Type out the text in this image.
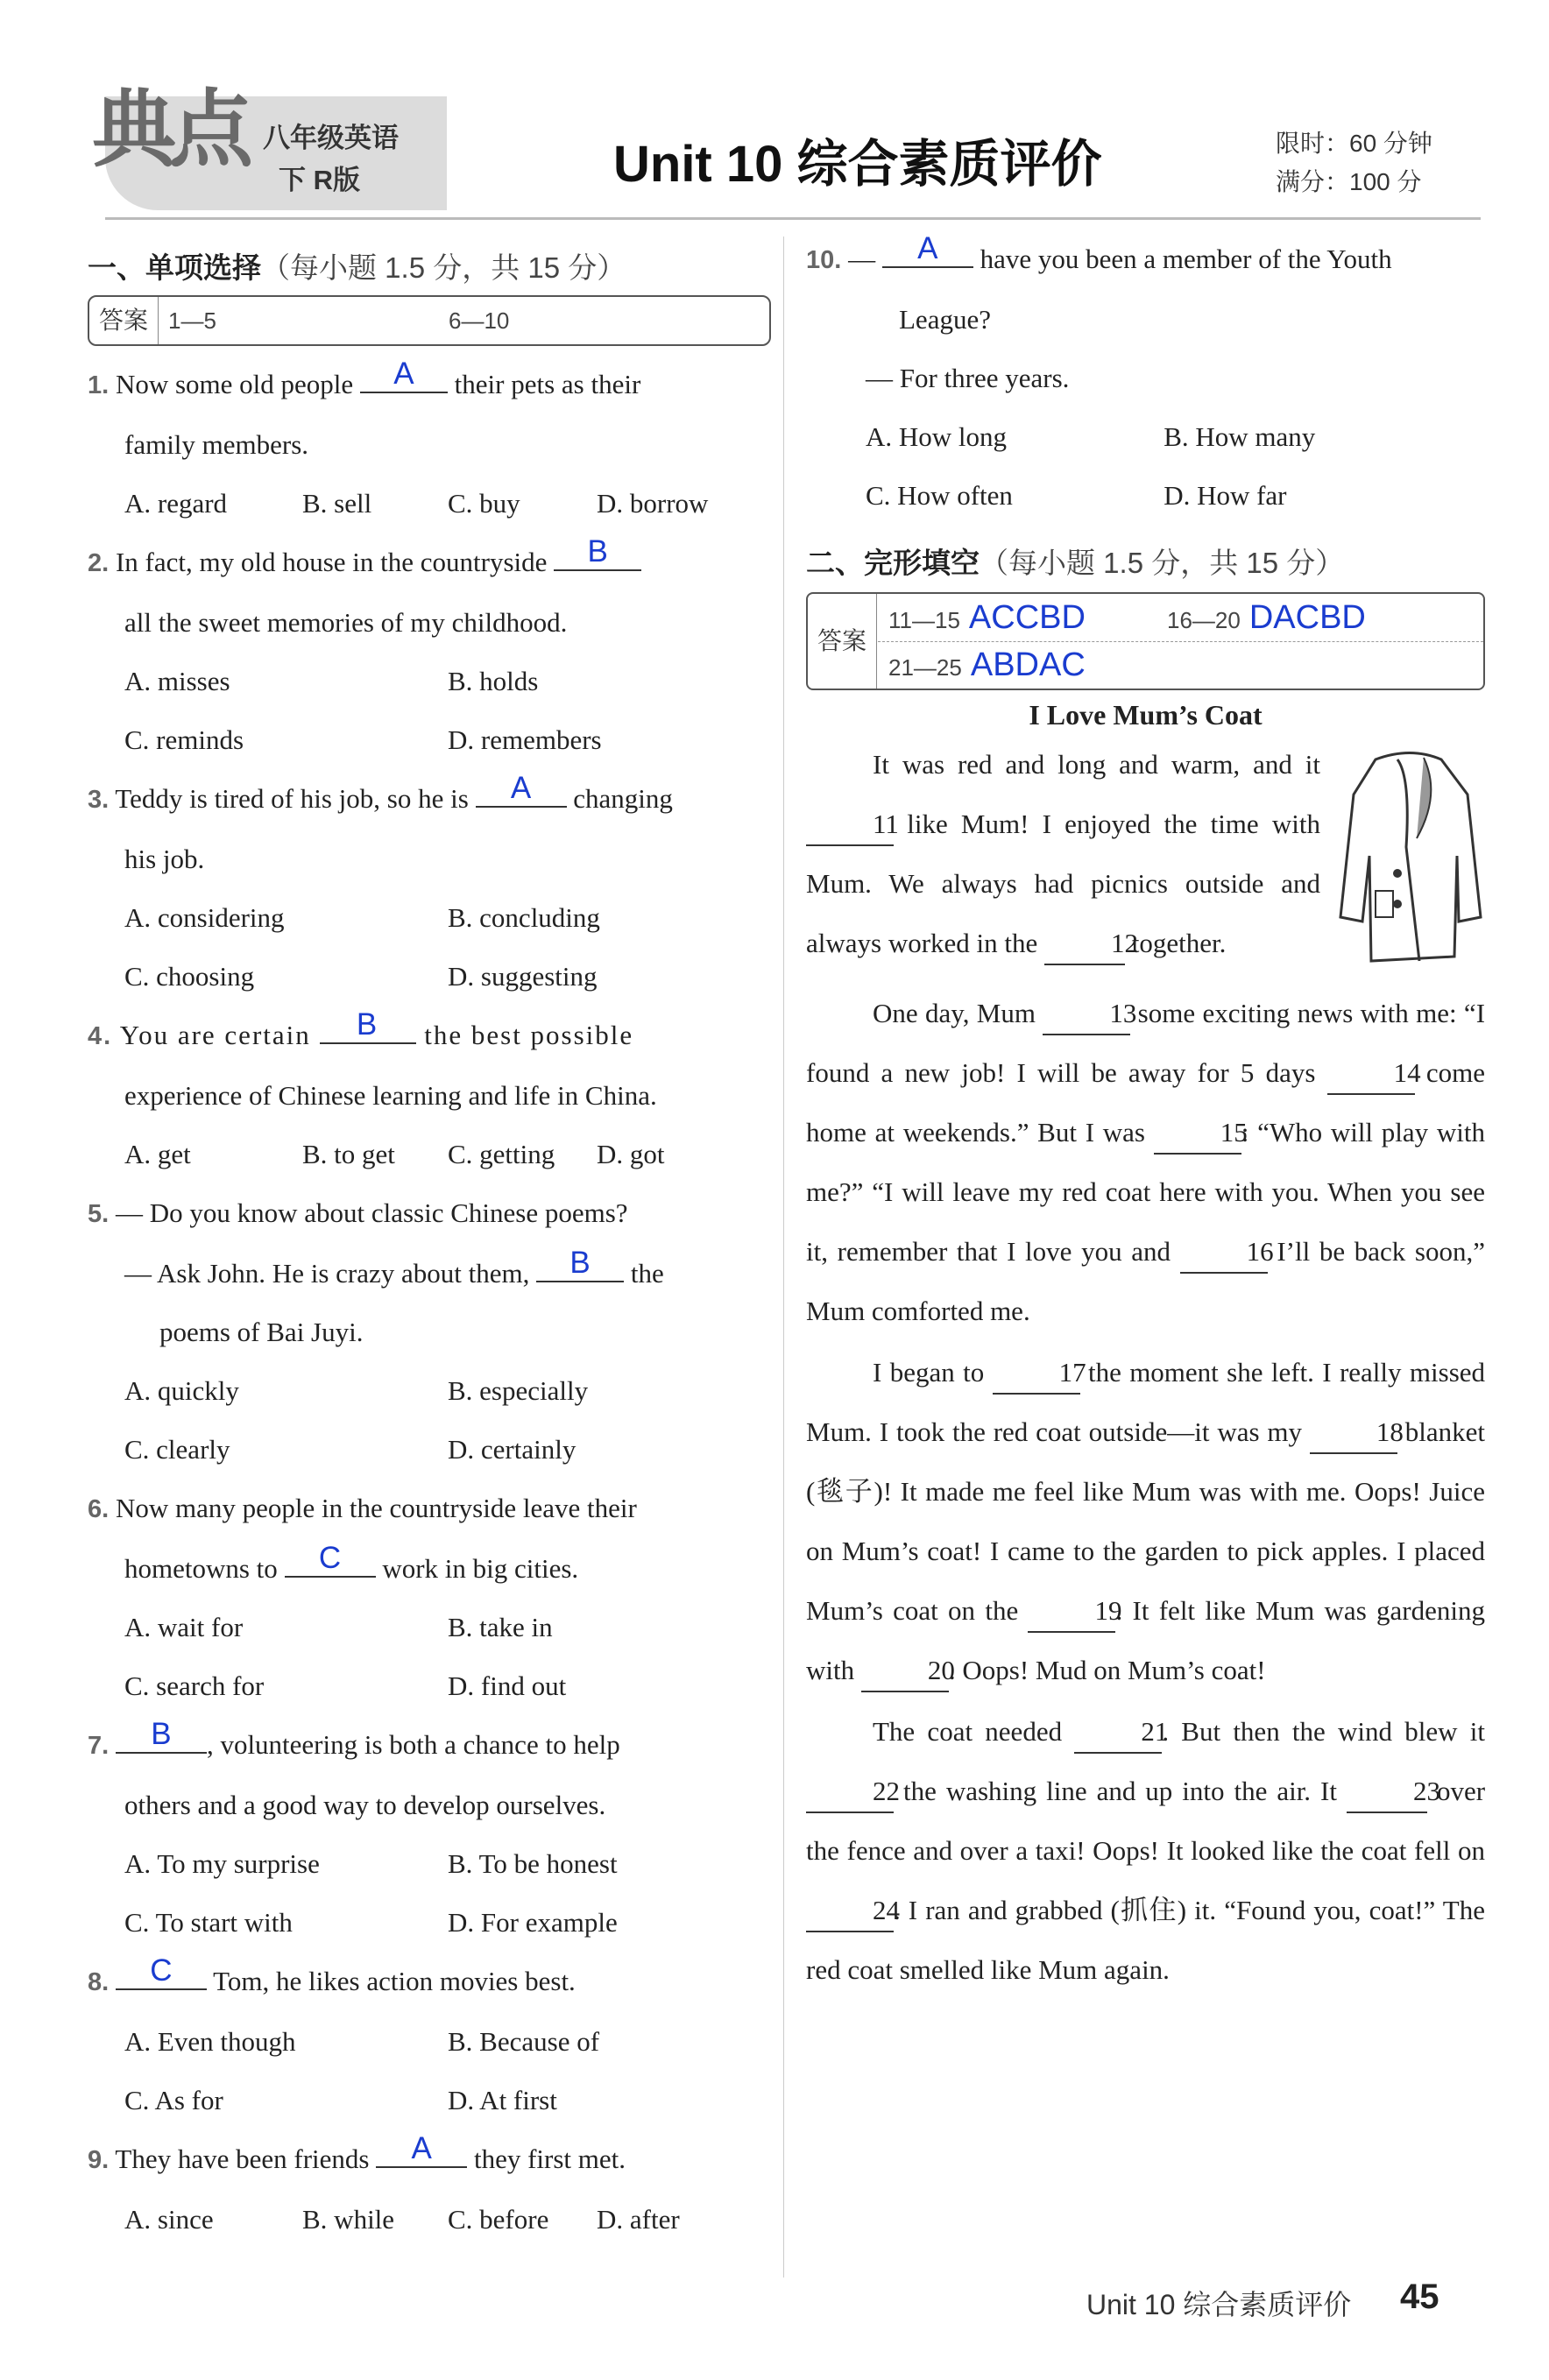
典点 八年级英语
下 R版	Unit 10 综合素质评价	限时：60 分钟
满分：100 分
一、单项选择（每小题 1.5 分，共 15 分）
答案 1—5	6—10
1. Now some old people	A	their pets as their
family members.
A. regard	B. sell	C. buy	D. borrow
2. In fact, my old house in the countryside	B
all the sweet memories of my childhood.
A. misses	B. holds
C. reminds	D. remembers
3. Teddy is tired of his job, so he is	A	changing
his job.
A. considering	B. concluding
C. choosing	D. suggesting
4. You are certain	B	the best possible
experience of Chinese learning and life in China.
A. get	B. to get	C. getting	D. got
5. — Do you know about classic Chinese poems?
— Ask John. He is crazy about them,	B	the
poems of Bai Juyi.
A. quickly	B. especially
C. clearly	D. certainly
6. Now many people in the countryside leave their
hometowns to	C	work in big cities.
A. wait for	B. take in
C. search for	D. find out
7.	B	, volunteering is both a chance to help
others and a good way to develop ourselves.
A. To my surprise	B. To be honest
C. To start with	D. For example
8.	C	Tom, he likes action movies best.
A. Even though	B. Because of
C. As for	D. At first
9. They have been friends	A	they first met.
A. since	B. while	C. before	D. after
10. —	A	have you been a member of the Youth
League?
— For three years.
A. How long	B. How many
C. How often	D. How far
二、完形填空（每小题 1.5 分，共 15 分）
答案
11—15 ACCBD	16—20 DACBD
21—25 ABDAC
I Love Mum’s Coat
It was red and long and warm, and it 11 like Mum! I enjoyed the time with Mum. We always had picnics outside and always worked in the	12 together.
One day, Mum	13 some exciting news with me: “I found a new job! I will be away for 5 days	14 come home at weekends.” But I was	15: “Who will play with me?” “I will leave my red coat here with you. When you see it, remember that I love you and	16 I’ll be back soon,” Mum comforted me.
I began to	17 the moment she left. I really missed Mum. I took the red coat outside—it was my	18 blanket (毯子)! It made me feel like Mum was with me. Oops! Juice on Mum’s coat! I came to the garden to pick apples. I placed Mum’s coat on the	19. It felt like Mum was gardening with	20. Oops! Mud on Mum’s coat!
The coat needed	21. But then the wind blew it 22 the washing line and up into the air. It	23 over the fence and over a taxi! Oops! It looked like the coat fell on 24. I ran and grabbed (抓住) it. “Found you, coat!” The red coat smelled like Mum again.
Unit 10 综合素质评价 45
